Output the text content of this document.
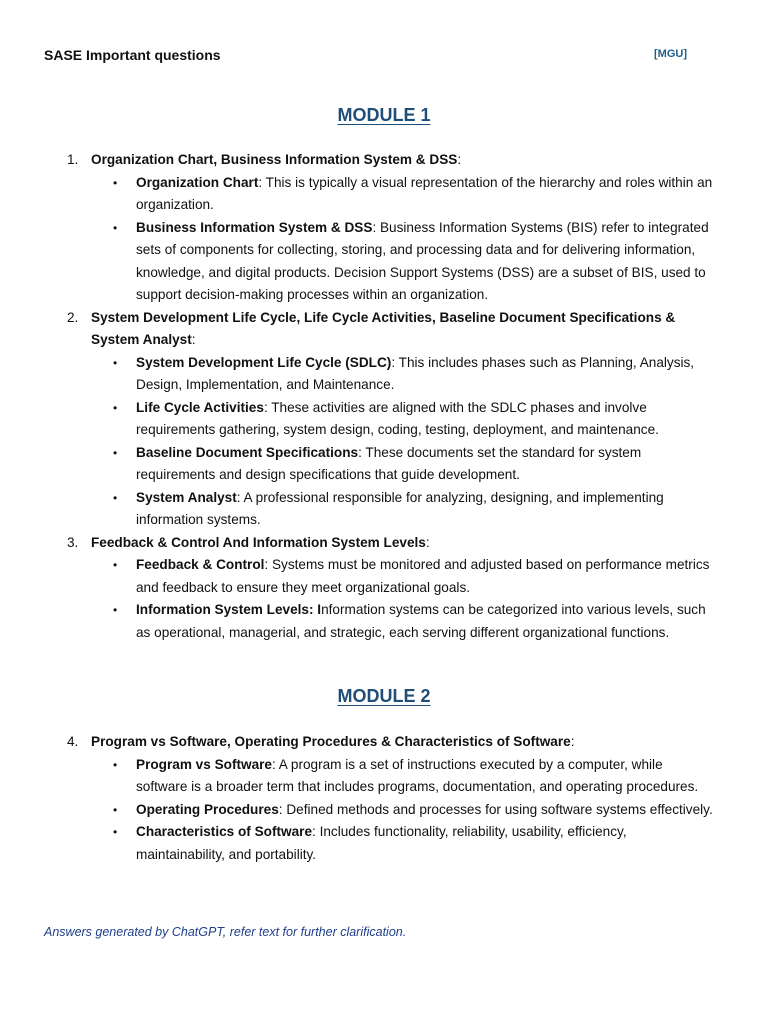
SASE Important questions	[MGU]
MODULE 1
1. Organization Chart, Business Information System & DSS:
• Organization Chart: This is typically a visual representation of the hierarchy and roles within an organization.
• Business Information System & DSS: Business Information Systems (BIS) refer to integrated sets of components for collecting, storing, and processing data and for delivering information, knowledge, and digital products. Decision Support Systems (DSS) are a subset of BIS, used to support decision-making processes within an organization.
2. System Development Life Cycle, Life Cycle Activities, Baseline Document Specifications & System Analyst:
• System Development Life Cycle (SDLC): This includes phases such as Planning, Analysis, Design, Implementation, and Maintenance.
• Life Cycle Activities: These activities are aligned with the SDLC phases and involve requirements gathering, system design, coding, testing, deployment, and maintenance.
• Baseline Document Specifications: These documents set the standard for system requirements and design specifications that guide development.
• System Analyst: A professional responsible for analyzing, designing, and implementing information systems.
3. Feedback & Control And Information System Levels:
• Feedback & Control: Systems must be monitored and adjusted based on performance metrics and feedback to ensure they meet organizational goals.
• Information System Levels: Information systems can be categorized into various levels, such as operational, managerial, and strategic, each serving different organizational functions.
MODULE 2
4. Program vs Software, Operating Procedures & Characteristics of Software:
• Program vs Software: A program is a set of instructions executed by a computer, while software is a broader term that includes programs, documentation, and operating procedures.
• Operating Procedures: Defined methods and processes for using software systems effectively.
• Characteristics of Software: Includes functionality, reliability, usability, efficiency, maintainability, and portability.
Answers generated by ChatGPT, refer text for further clarification.
